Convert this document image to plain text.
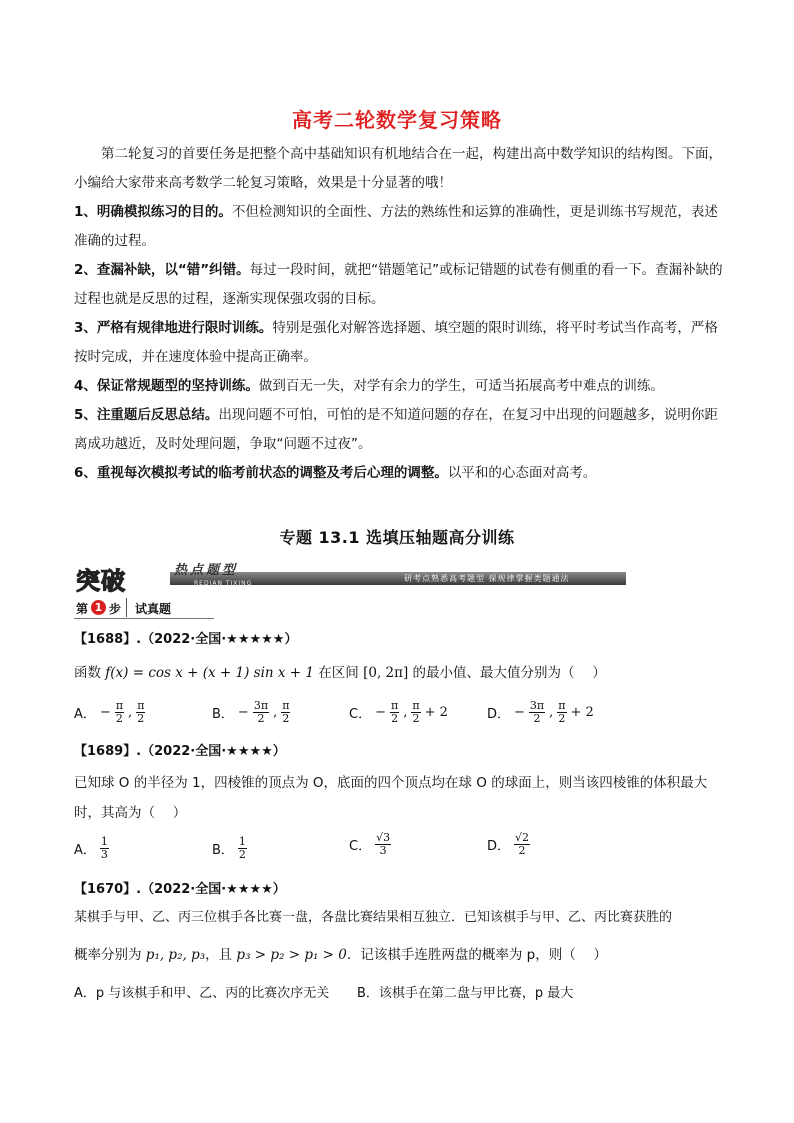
高考二轮数学复习策略
第二轮复习的首要任务是把整个高中基础知识有机地结合在一起，构建出高中数学知识的结构图。下面，小编给大家带来高考数学二轮复习策略，效果是十分显著的哦！
1、明确模拟练习的目的。不但检测知识的全面性、方法的熟练性和运算的准确性，更是训练书写规范，表述准确的过程。
2、查漏补缺，以“错”纠错。每过一段时间，就把“错题笔记”或标记错题的试卷有侧重的看一下。查漏补缺的过程也就是反思的过程，逐渐实现保强攻弱的目标。
3、严格有规律地进行限时训练。特别是强化对解答选择题、填空题的限时训练，将平时考试当作高考，严格按时完成，并在速度体验中提高正确率。
4、保证常规题型的坚持训练。做到百无一失，对学有余力的学生，可适当拓展高考中难点的训练。
5、注重题后反思总结。出现问题不可怕，可怕的是不知道问题的存在，在复习中出现的问题越多，说明你距离成功越近，及时处理问题，争取“问题不过夜”。
6、重视每次模拟考试的临考前状态的调整及考后心理的调整。以平和的心态面对高考。
专题 13.1 选填压轴题高分训练
突破	热点题型
REDIAN TIXING
研考点熟悉高考题型 探规律掌握类题通法
第 1 步 试真题
【1688】.（2022·全国·★★★★★）
函数 f(x) = cos x + (x + 1) sin x + 1 在区间 [0, 2π] 的最小值、最大值分别为（　 ）
A． − $\frac{\pi}{2}$ , $\frac{\pi}{2}$	B． − $\frac{3\pi}{2}$ , $\frac{\pi}{2}$	C． − $\frac{\pi}{2}$ , $\frac{\pi}{2} + 2$	D． − $\frac{3\pi}{2}$ , $\frac{\pi}{2} + 2$
【1689】.（2022·全国·★★★★）
已知球 O 的半径为 1，四棱锥的顶点为 O，底面的四个顶点均在球 O 的球面上，则当该四棱锥的体积最大时，其高为（　 ）
A． $\frac{1}{3}$	B． $\frac{1}{2}$	C． $\frac{√3}{3}$	D． $\frac{√2}{2}$
【1670】.（2022·全国·★★★★）
某棋手与甲、乙、丙三位棋手各比赛一盘，各盘比赛结果相互独立．已知该棋手与甲、乙、丙比赛获胜的
概率分别为 p₁, p₂, p₃，且 p₃ > p₂ > p₁ > 0．记该棋手连胜两盘的概率为 p，则（　 ）
A．p 与该棋手和甲、乙、丙的比赛次序无关 B．该棋手在第二盘与甲比赛，p 最大
